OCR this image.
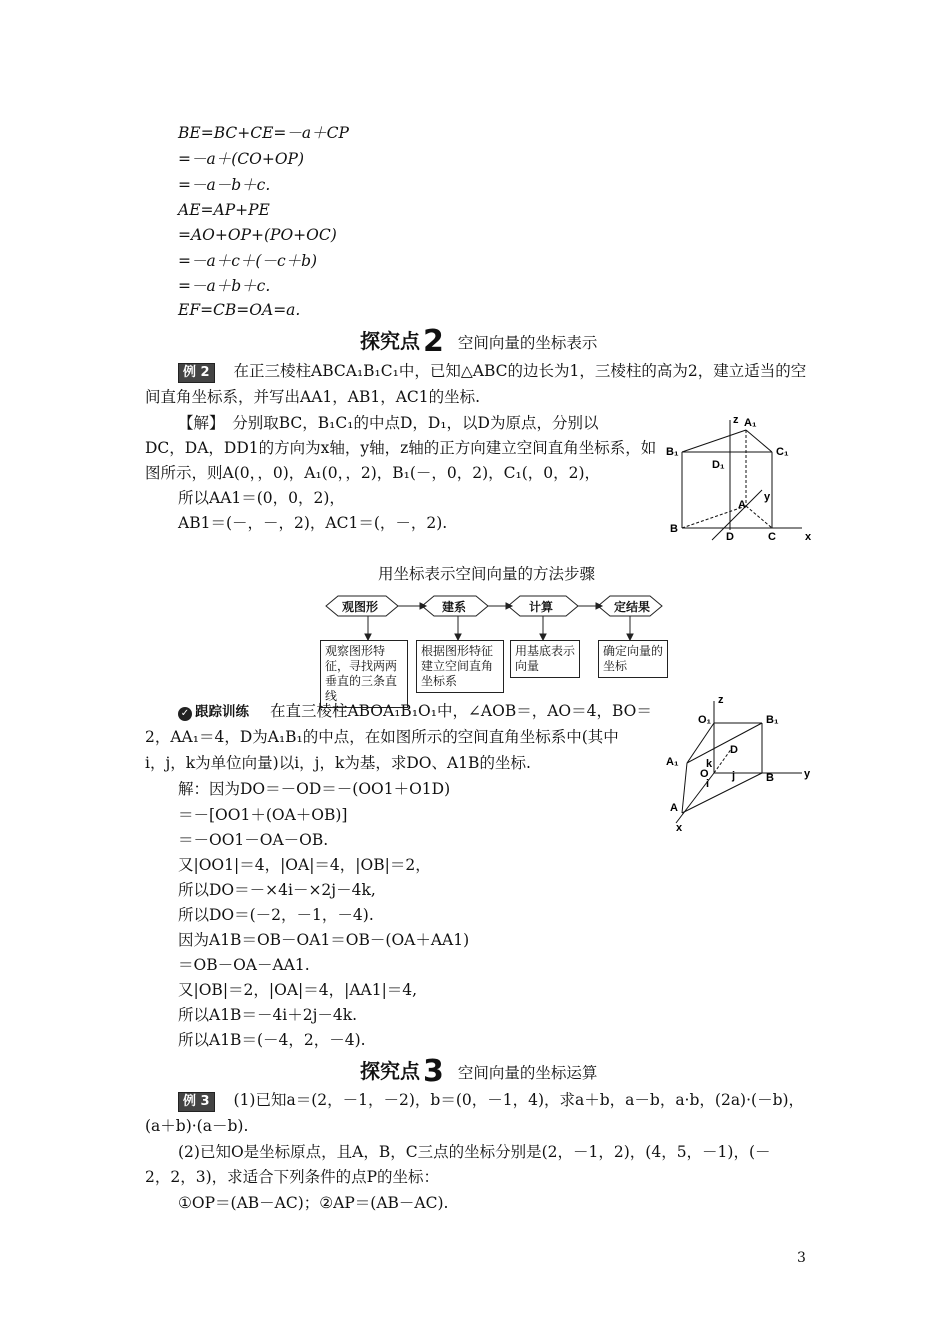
BE=BC+CE=－a＋CP
=－a＋(CO+OP)
=－a－b＋c.
AE=AP+PE
=AO+OP+(PO+OC)
=－a＋c＋(－c＋b)
=－a＋b＋c.
EF=CB=OA=a.
探究点 2 空间向量的坐标表示
例 2 在正三棱柱ABCA₁B₁C₁中，已知△ABC的边长为1，三棱柱的高为2，建立适当的空
间直角坐标系，并写出AA1，AB1，AC1的坐标.
【解】　分别取BC，B₁C₁的中点D，D₁，以D为原点，分别以
DC，DA，DD1的方向为x轴，y轴，z轴的正方向建立空间直角坐标系，如
图所示，则A(0，，0)，A₁(0，，2)，B₁(－，0，2)，C₁(，0，2)，
所以AA1＝(0，0，2)，
AB1＝(－，－，2)，AC1＝(，－，2).
z A₁
B₁	C₁
D₁
A
y
B
D	C	x
用坐标表示空间向量的方法步骤
观图形	建系	计算	定结果
观察图形特征，寻找两两垂直的三条直线
根据图形特征建立空间直角坐标系
用基底表示向量
确定向量的坐标
✓ 跟踪训练 在直三棱柱ABOA₁B₁O₁中，∠AOB＝，AO＝4，BO＝
2，AA₁＝4，D为A₁B₁的中点，在如图所示的空间直角坐标系中(其中
i，j，k为单位向量)以i，j，k为基，求DO、A1B的坐标.
解：因为DO＝－OD＝－(OO1＋O1D)
＝－[OO1＋(OA＋OB)]
＝－OO1－OA－OB.
又|OO1|＝4，|OA|＝4，|OB|＝2，
所以DO＝－×4i－×2j－4k,
所以DO＝(－2，－1，－4).
因为A1B＝OB－OA1＝OB－(OA＋AA1)
＝OB－OA－AA1.
又|OB|＝2，|OA|＝4，|AA1|＝4,
所以A1B＝－4i＋2j－4k.
所以A1B＝(－4，2，－4).
z
O₁	B₁
D
A₁	k
O j
i	B	y
A
x
探究点 3 空间向量的坐标运算
例 3 (1)已知a＝(2，－1，－2)，b＝(0，－1，4)，求a＋b，a－b，a·b，(2a)·(－b)，
(a＋b)·(a－b).
(2)已知O是坐标原点，且A，B，C三点的坐标分别是(2，－1，2)，(4，5，－1)，(－
2，2，3)，求适合下列条件的点P的坐标：
①OP＝(AB－AC)；②AP＝(AB－AC).
3
